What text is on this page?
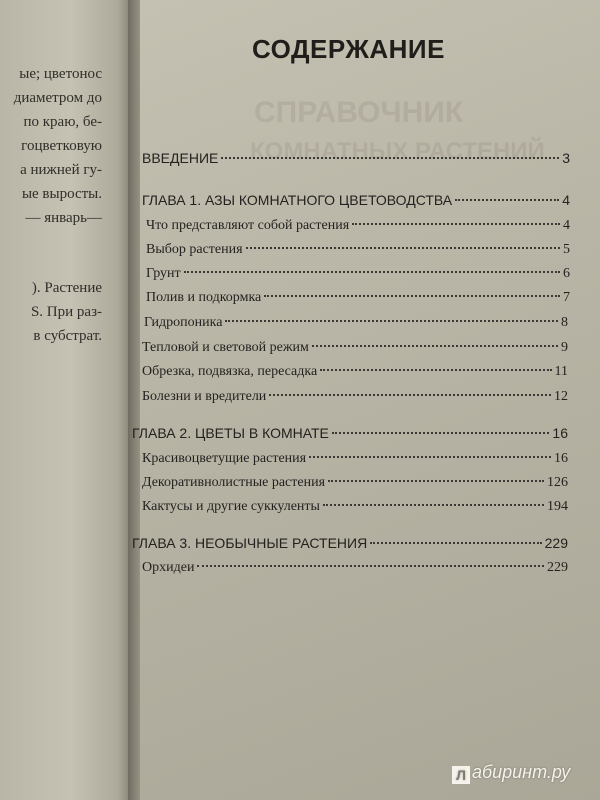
ые; цветонос
диаметром до
по краю, бе-
гоцветковую
а нижней гу-
ые выросты.
— январь—
). Растение
S. При раз-
в субстрат.
СПРАВОЧНИК
КОМНАТНЫХ РАСТЕНИЙ
СОДЕРЖАНИЕ
ВВЕДЕНИЕ	3
ГЛАВА 1. АЗЫ КОМНАТНОГО ЦВЕТОВОДСТВА	4
Что представляют собой растения	4
Выбор растения	5
Грунт	6
Полив и подкормка	7
Гидропоника	8
Тепловой и световой режим	9
Обрезка, подвязка, пересадка	11
Болезни и вредители	12
ГЛАВА 2. ЦВЕТЫ В КОМНАТЕ	16
Красивоцветущие растения	16
Декоративнолистные растения	126
Кактусы и другие суккуленты	194
ГЛАВА 3. НЕОБЫЧНЫЕ РАСТЕНИЯ	229
Орхидеи	229
Л абиринт.ру
